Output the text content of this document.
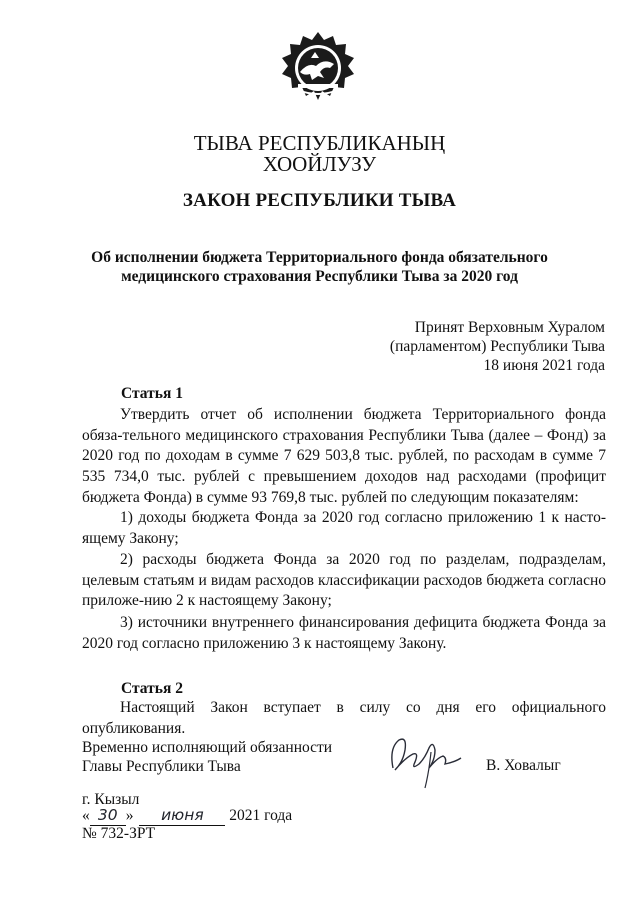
ТЫВА РЕСПУБЛИКАНЫҢ
ХООЙЛУЗУ
ЗАКОН РЕСПУБЛИКИ ТЫВА
Об исполнении бюджета Территориального фонда обязательного
медицинского страхования Республики Тыва за 2020 год
Принят Верховным Хуралом
(парламентом) Республики Тыва
18 июня 2021 года
Статья 1

Утвердить отчет об исполнении бюджета Территориального фонда обяза-тельного медицинского страхования Республики Тыва (далее – Фонд) за 2020 год по доходам в сумме 7 629 503,8 тыс. рублей, по расходам в сумме 7 535 734,0 тыс. рублей с превышением доходов над расходами (профицит бюджета Фонда) в сумме 93 769,8 тыс. рублей по следующим показателям:

1) доходы бюджета Фонда за 2020 год согласно приложению 1 к насто-ящему Закону;

2) расходы бюджета Фонда за 2020 год по разделам, подразделам, целевым статьям и видам расходов классификации расходов бюджета согласно приложе-нию 2 к настоящему Закону;

3) источники внутреннего финансирования дефицита бюджета Фонда за 2020 год согласно приложению 3 к настоящему Закону.

Статья 2

Настоящий Закон вступает в силу со дня его официального опубликования.

Временно исполняющий обязанности
Главы Республики Тыва	В. Ховалыг
г. Кызыл
« 30 » июня 2021 года
№ 732-ЗРТ
